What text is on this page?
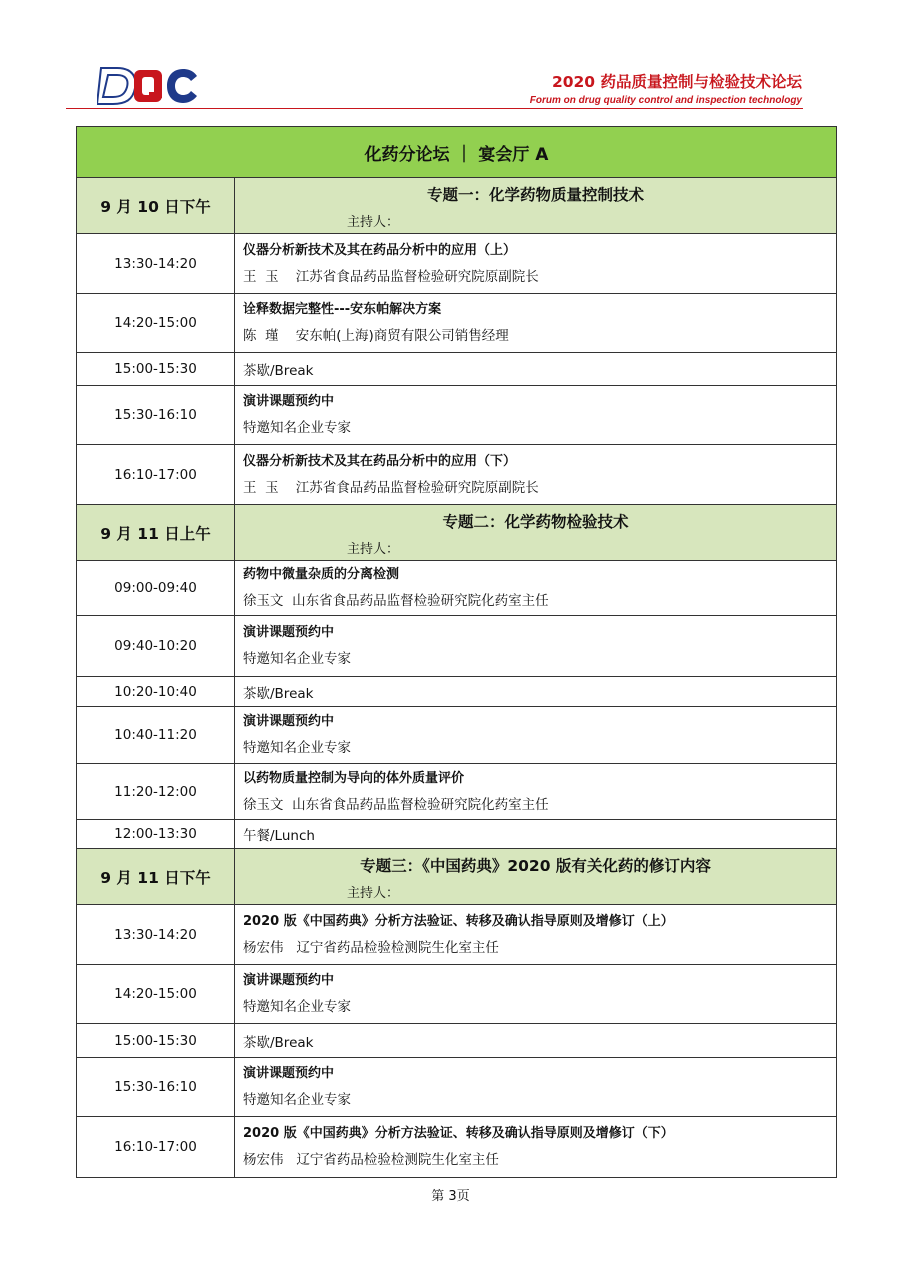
2020 药品质量控制与检验技术论坛
Forum on drug quality control and inspection technology
化药分论坛 ｜ 宴会厅 A	
9 月 10 日下午	专题一：化学药物质量控制技术
主持人：

13:30-14:20	仪器分析新技术及其在药品分析中的应用（上）
王  玉    江苏省食品药品监督检验研究院原副院长

14:20-15:00	诠释数据完整性---安东帕解决方案
陈  瑾    安东帕(上海)商贸有限公司销售经理

15:00-15:30	茶歇/Break

15:30-16:10	演讲课题预约中
特邀知名企业专家

16:10-17:00	仪器分析新技术及其在药品分析中的应用（下）
王  玉    江苏省食品药品监督检验研究院原副院长

9 月 11 日上午	专题二：化学药物检验技术
主持人：

09:00-09:40	药物中微量杂质的分离检测
徐玉文  山东省食品药品监督检验研究院化药室主任

09:40-10:20	演讲课题预约中
特邀知名企业专家

10:20-10:40	茶歇/Break

10:40-11:20	演讲课题预约中
特邀知名企业专家

11:20-12:00	以药物质量控制为导向的体外质量评价
徐玉文  山东省食品药品监督检验研究院化药室主任

12:00-13:30	午餐/Lunch

9 月 11 日下午	专题三：《中国药典》2020 版有关化药的修订内容
主持人：

13:30-14:20	2020 版《中国药典》分析方法验证、转移及确认指导原则及增修订（上）
杨宏伟   辽宁省药品检验检测院生化室主任

14:20-15:00	演讲课题预约中
特邀知名企业专家

15:00-15:30	茶歇/Break

15:30-16:10	演讲课题预约中
特邀知名企业专家

16:10-17:00	2020 版《中国药典》分析方法验证、转移及确认指导原则及增修订（下）
杨宏伟   辽宁省药品检验检测院生化室主任
第 3页
